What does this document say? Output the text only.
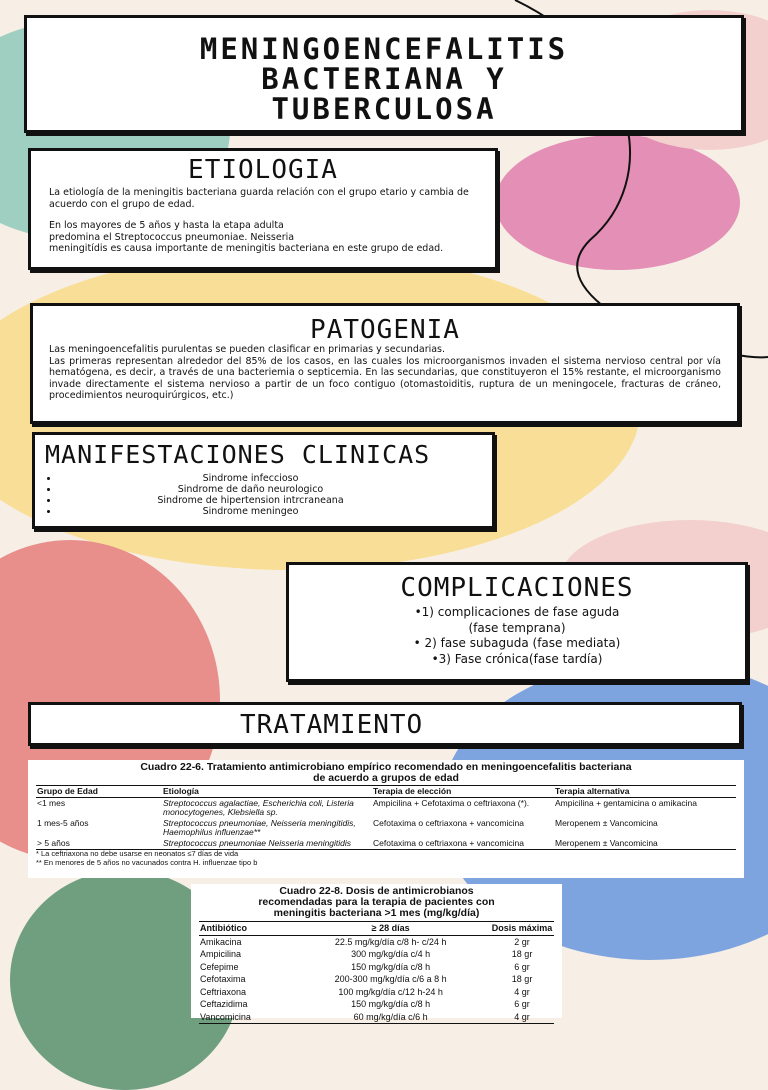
MENINGOENCEFALITIS
BACTERIANA Y
TUBERCULOSA
ETIOLOGIA

La etiología de la meningitis bacteriana guarda relación con el grupo etario y cambia de acuerdo con el grupo de edad.

En los mayores de 5 años y hasta la etapa adulta
predomina el Streptococcus pneumoniae. Neisseria
meningitídis es causa importante de meningitis bacteriana en este grupo de edad.

PATOGENIA

Las meningoencefalitis purulentas se pueden clasificar en primarias y secundarias.

Las primeras representan alrededor del 85% de los casos, en las cuales los microorganismos invaden el sistema nervioso central por vía hematógena, es decir, a través de una bacteriemia o septicemia. En las secundarias, que constituyeron el 15% restante, el microorganismo invade directamente el sistema nervioso a partir de un foco contiguo (otomastoiditis, ruptura de un meningocele, fracturas de cráneo, procedimientos neuroquirúrgicos, etc.)

MANIFESTACIONES CLINICAS
• Sindrome infeccioso
• Sindrome de daño neurologico
• Sindrome de hipertension intrcraneana
• Sindrome meningeo
COMPLICACIONES
•1) complicaciones de fase aguda
(fase temprana)
• 2) fase subaguda (fase mediata)
•3) Fase crónica(fase tardía)
TRATAMIENTO
Cuadro 22-6. Tratamiento antimicrobiano empírico recomendado en meningoencefalitis bacteriana
de acuerdo a grupos de edad
Grupo de Edad	Etiología	Terapia de elección	Terapia alternativa
<1 mes	Streptococcus agalactiae, Escherichia coli, Listeria monocytogenes, Klebsiella sp.	Ampicilina + Cefotaxima o ceftriaxona (*).	Ampicilina + gentamicina o amikacina
1 mes-5 años	Streptococcus pneumoniae, Neisseria meningitidis, Haemophilus influenzae**	Cefotaxima o ceftriaxona + vancomicina	Meropenem ± Vancomicina
> 5 años	Streptococcus pneumoniae Neisseria meningitidis	Cefotaxima o ceftriaxona + vancomicina	Meropenem ± Vancomicina
* La ceftriaxona no debe usarse en neonatos ≤7 días de vida
** En menores de 5 años no vacunados contra H. influenzae tipo b
Cuadro 22-8. Dosis de antimicrobianos
recomendadas para la terapia de pacientes con
meningitis bacteriana >1 mes (mg/kg/día)
Antibiótico	≥ 28 días	Dosis máxima
Amikacina	22.5 mg/kg/día c/8 h- c/24 h	2 gr
Ampicilina	300 mg/kg/día c/4 h	18 gr
Cefepime	150 mg/kg/día c/8 h	6 gr
Cefotaxima	200-300 mg/kg/día c/6 a 8 h	18 gr
Ceftriaxona	100 mg/kg/día c/12 h-24 h	4 gr
Ceftazidima	150 mg/kg/día c/8 h	6 gr
Vancomicina	60 mg/kg/día c/6 h	4 gr
